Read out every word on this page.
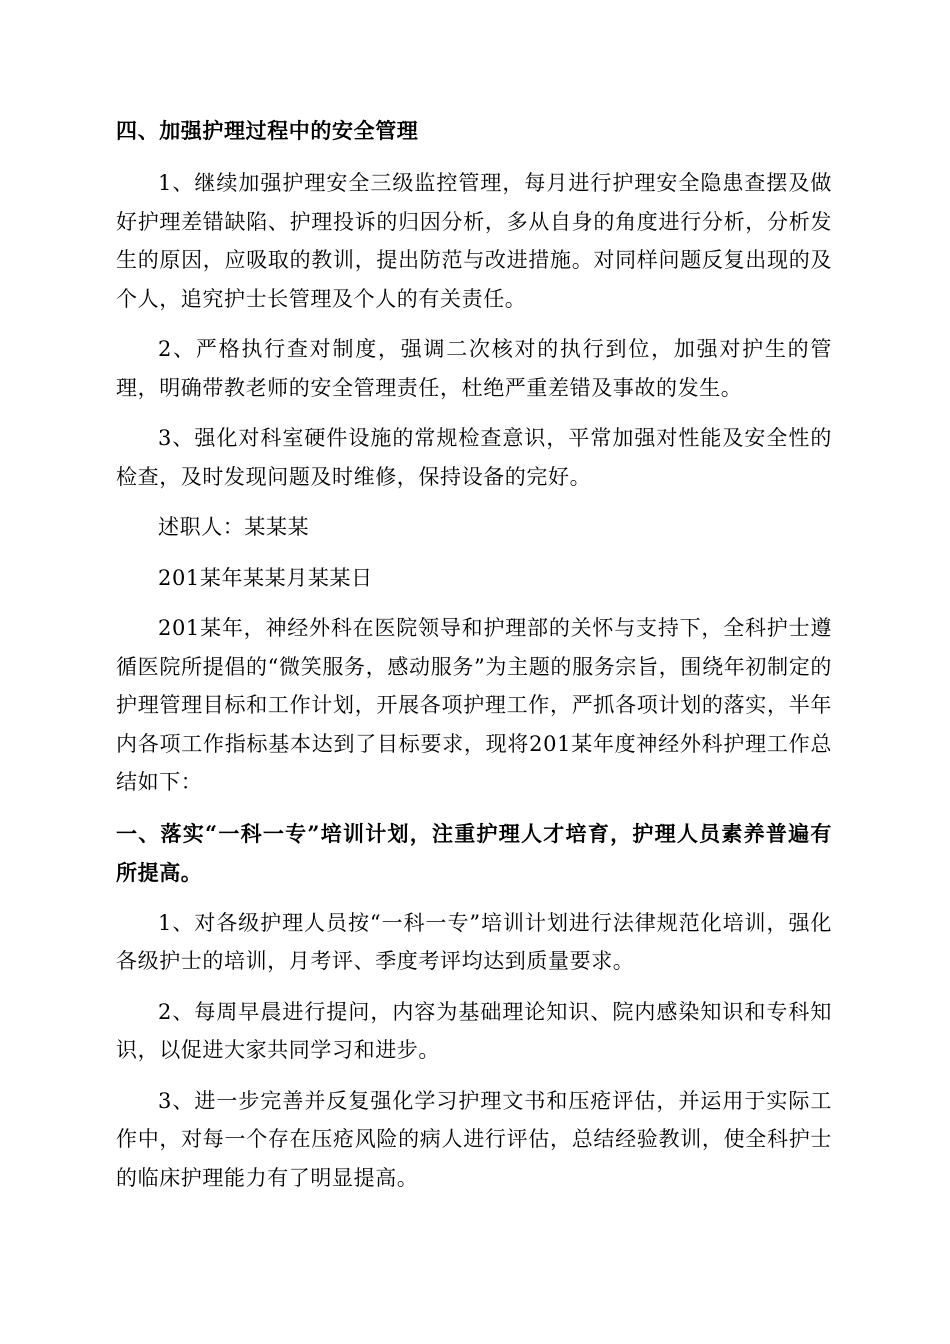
四、加强护理过程中的安全管理

1、继续加强护理安全三级监控管理，每月进行护理安全隐患查摆及做好护理差错缺陷、护理投诉的归因分析，多从自身的角度进行分析，分析发生的原因，应吸取的教训，提出防范与改进措施。对同样问题反复出现的及个人，追究护士长管理及个人的有关责任。

2、严格执行查对制度，强调二次核对的执行到位，加强对护生的管理，明确带教老师的安全管理责任，杜绝严重差错及事故的发生。

3、强化对科室硬件设施的常规检查意识，平常加强对性能及安全性的检查，及时发现问题及时维修，保持设备的完好。

述职人：某某某

201某年某某月某某日

201某年，神经外科在医院领导和护理部的关怀与支持下，全科护士遵循医院所提倡的“微笑服务，感动服务”为主题的服务宗旨，围绕年初制定的护理管理目标和工作计划，开展各项护理工作，严抓各项计划的落实，半年内各项工作指标基本达到了目标要求，现将201某年度神经外科护理工作总结如下：

一、落实“一科一专”培训计划，注重护理人才培育，护理人员素养普遍有所提高。

1、对各级护理人员按“一科一专”培训计划进行法律规范化培训，强化各级护士的培训，月考评、季度考评均达到质量要求。

2、每周早晨进行提问，内容为基础理论知识、院内感染知识和专科知识，以促进大家共同学习和进步。

3、进一步完善并反复强化学习护理文书和压疮评估，并运用于实际工作中，对每一个存在压疮风险的病人进行评估，总结经验教训，使全科护士的临床护理能力有了明显提高。
